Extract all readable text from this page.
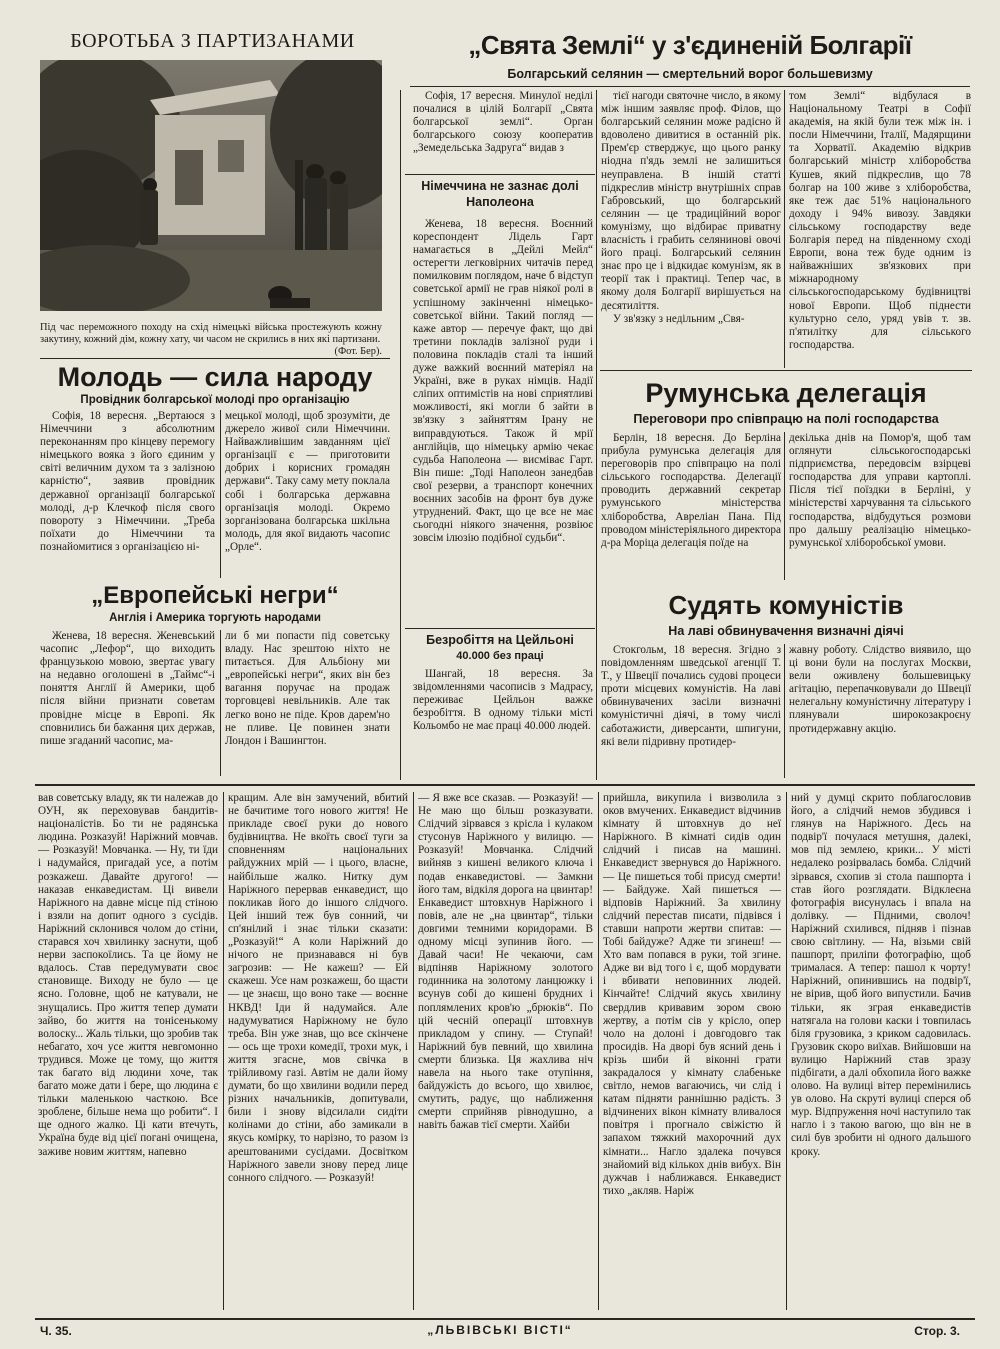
БОРОТЬБА З ПАРТИЗАНАМИ
Під час переможного походу на схід німецькі війська простежують кожну закутину, кожний дім, кожну хату, чи часом не скрились в них які партизани.
(Фот. Бер).
Молодь — сила народу
Провідник болгарської молоді про організацію

Софія, 18 вересня. „Вертаюся з Німеччини з абсолютним переконанням про кінцеву перемогу німецького вояка з його єдиним у світі величним духом та з залізною карністю“, заявив провідник державної організації болгарської молоді, д-р Клечкоф після свого повороту з Німеччини. „Треба поїхати до Німеччини та познайомитися з організацією ні-

мецької молоді, щоб зрозуміти, де джерело живої сили Німеччини. Найважливішим завданням цієї організації є — приготовити добрих і корисних громадян держави“. Таку саму мету поклала собі і болгарська державна організація молоді. Окремо зорганізована болгарська шкільна молодь, для якої видають часопис „Орле“.

„Европейські негри“
Англія і Америка торгують народами

Женева, 18 вересня. Женевський часопис „Лефор“, що виходить французькою мовою, звертає увагу на недавно оголошені в „Таймс“-і поняття Англії й Америки, щоб після війни признати советам провідне місце в Европі. Як сповнились би бажання цих держав, пише згаданий часопис, ма-

ли б ми попасти під советську владу. Нас зрештою ніхто не питається. Для Альбіону ми „европейські негри“, яких він без вагання поручає на продаж торговцеві невільників. Але так легко воно не піде. Кров дарем'но не пливе. Це повинен знати Лондон і Вашингтон.

„Свята Землі“ у з'єдиненій Болгарії
Болгарський селянин — смертельний ворог большевизму

Софія, 17 вересня. Минулої неділі почалися в цілій Болгарії „Свята болгарської землі“. Орган болгарського союзу кооператив „Земедельська Задруга“ видав з

тієї нагоди святочне число, в якому між іншим заявляє проф. Філов, що болгарський селянин може радісно й вдоволено дивитися в останній рік. Прем'єр стверджує, що цього ранку ніодна п'ядь землі не залишиться неуправлена. В іншій статті підкреслив міністр внутрішніх справ Габровський, що болгарський селянин — це традиційний ворог комунізму, що відбирає приватну власність і грабить селянинові овочі його праці. Болгарський селянин знає про це і відкидає комунізм, як в теорії так і практиці. Тепер час, в якому доля Болгарії вирішується на десятиліття.

У зв'язку з недільним „Свя-

том Землі“ відбулася в Національному Театрі в Софії академія, на якій були теж між ін. і посли Німеччини, Італії, Мадярщини та Хорватії. Академію відкрив болгарський міністр хліборобства Кушев, який підкреслив, що 78 болгар на 100 живе з хліборобства, яке теж дає 51% національного доходу і 94% вивозу. Завдяки сільському господарству веде Болгарія перед на південному сході Европи, вона теж буде одним із найважніших зв'язкових при міжнародному сільськогосподарському будівництві нової Европи. Щоб піднести культурно село, уряд увів т. зв. п'ятилітку для сільського господарства.

Німеччина не зазнає долі Наполеона

Женева, 18 вересня. Воєнний кореспондент Лідель Гарт намагається в „Дейлі Мейл“ остерегти легковірних читачів перед помилковим поглядом, наче б відступ советської армії не грав ніякої ролі в успішному закінченні німецько-советської війни. Такий погляд — каже автор — перечуе факт, що дві третини покладів залізної руди і половина покладів сталі та інший дуже важкий воєнний матеріял на Україні, вже в руках німців. Надії сліпих оптимістів на нові сприятливі можливості, які могли б зайти в зв'язку з зайняттям Ірану не виправдуються. Також й мрії англійців, що німецьку армію чекає судьба Наполеона — висміває Гарт. Він пише: „Тоді Наполеон занедбав свої резерви, а транспорт конечних воєнних засобів на фронт був дуже утруднений. Факт, що це все не має сьогодні ніякого значення, розвіює зовсім ілюзію подібної судьби“.

Безробіття на Цейльоні
40.000 без праці

Шангай, 18 вересня. За звідомленнями часописів з Мадрасу, переживає Цейльон важке безробіття. В одному тільки місті Кольомбо не має праці 40.000 людей.

Румунська делегація
Переговори про співпрацю на полі господарства

Берлін, 18 вересня. До Берліна прибула румунська делегація для переговорів про співпрацю на полі сільського господарства. Делегації проводить державний секретар румунського міністерства хліборобства, Авреліан Пана. Під проводом міністеріяльного директора д-ра Моріца делегація поїде на

декілька днів на Помор'я, щоб там оглянути сільськогосподарські підприємства, передовсім взірцеві господарства для управи картоплі. Після тієї поїздки в Берліні, у міністерстві харчування та сільського господарства, відбудуться розмови про дальшу реалізацію німецько-румунської хліборобської умови.

Судять комуністів
На лаві обвинувачення визначні діячі

Стокгольм, 18 вересня. Згідно з повідомленням шведської агенції Т. Т., у Швеції почались судові процеси проти місцевих комуністів. На лаві обвинувачених засіли визначні комуністичні діячі, в тому числі саботажисти, диверсанти, шпигуни, які вели підривну протидер-

жавну роботу. Слідство виявило, що ці вони були на послугах Москви, вели оживлену большевицьку агітацію, перепачковували до Швеції нелегальну комуністичну літературу і плянували широкозакроєну протидержавну акцію.

вав советську владу, як ти належав до ОУН, як переховував бандитів-націоналістів. Бо ти не радянська людина. Розказуй! Наріжний мовчав. — Розказуй! Мовчанка. — Ну, ти їди і надумайся, пригадай усе, а потім розкажеш. Давайте другого! — наказав енкаведистам. Ці вивели Наріжного на давне місце під стіною і взяли на допит одного з сусідів. Наріжний склонився чолом до стіни, старався хоч хвилинку заснути, щоб нерви заспокоїлись. Та це йому не вдалось. Став передумувати своє становище. Виходу не було — це ясно. Головне, щоб не катували, не знущались. Про життя тепер думати зайво, бо життя на тонісенькому волоску... Жаль тільки, що зробив так небагато, хоч усе життя невгомонно трудився. Може це тому, що життя так багато від людини хоче, так багато може дати і бере, що людина є тільки маленькою часткою. Все зроблене, більше нема що робити“. І ще одного жалко. Ці кати втечуть, Україна буде від цієї погані очищена, заживе новим життям, напевно

кращим. Але він замучений, вбитий не бачитиме того нового життя! Не прикладе своєї руки до нового будівництва. Не вкоїть своєї туги за сповненням національних райдужних мрій — і цього, власне, найбільше жалко. Нитку дум Наріжного перервав енкаведист, що покликав його до іншого слідчого. Цей інший теж був сонний, чи сп'янілий і знає тільки сказати: „Розказуй!“ А коли Наріжний до нічого не признавався ні був загрозив: — Не кажеш? — Ей скажеш. Усе нам розкажеш, бо щасти — це знаєш, що воно таке — воєнне НКВД! Іди й надумайся. Але надумуватися Наріжному не було треба. Він уже знав, що все скінчене — ось ще трохи комедії, трохи мук, і життя згасне, мов свічка в трійливому газі. Автім не дали йому думати, бо що хвилини водили перед різних начальників, допитували, били і знову відсилали сидіти колінами до стіни, або замикали в якусь комірку, то нарізно, то разом із арештованими сусідами. Досвітком Наріжного завели знову перед лице сонного слідчого. — Розказуй!

— Я вже все сказав. — Розказуй! — Не маю що більш розказувати. Слідчий зірвався з крісла і кулаком стусонув Наріжного у вилицю. — Розказуй! Мовчанка. Слідчий вийняв з кишені великого ключа і подав енкаведистові. — Замкни його там, відкіля дорога на цвинтар! Енкаведист штовхнув Наріжного і повів, але не „на цвинтар“, тільки довгими темними коридорами. В одному місці зупинив його. — Давай часи! Не чекаючи, сам відпіняв Наріжному золотого годинника на золотому ланцюжку і всунув собі до кишені брудних і поплямлених кров'ю „брюків“. По цій чесній операції штовхнув прикладом у спину. — Ступай! Наріжний був певний, що хвилина смерти близька. Ця жахлива ніч навела на нього таке отупіння, байдужість до всього, що хвилює, смутить, радує, що наближення смерти сприйняв рівнодушно, а навіть бажав тієї смерти. Хайби

прийшла, викупила і визволила з оков вмучених. Енкаведист відчинив кімнату й штовхнув до неї Наріжного. В кімнаті сидів один слідчий і писав на машині. Енкаведист звернувся до Наріжного. — Це пишеться тобі присуд смерти! — Байдуже. Хай пишеться — відповів Наріжний. За хвилину слідчий перестав писати, підвівся і ставши напроти жертви спитав: — Тобі байдуже? Адже ти згинеш! — Хто вам попався в руки, той згине. Адже ви від того і є, щоб мордувати і вбивати неповинних людей. Кінчайте! Слідчий якусь хвилину свердлив кривавим зором свою жертву, а потім сів у крісло, опер чоло на долоні і довгодовго так просидів. На дворі був ясний день і крізь шиби й віконні грати закрадалося у кімнату слабеньке світло, немов вагаючись, чи слід і катам підняти раннішню радість. З відчинених вікон кімнату вливалося повітря і прогнало свіжістю й запахом тяжкий махорочний дух кімнати... Нагло здалека почувся знайомий від кількох днів вибух. Він дужчав і наближався. Енкаведист тихо „акляв. Наріж

ний у думці скрито поблагословив його, а слідчий немов збудився і глянув на Наріжного. Десь на подвір'ї почулася метушня, далекі, мов під землею, крики... У місті недалеко розірвалась бомба. Слідчий зірвався, схопив зі стола пашпорта і став його розглядати. Відклеєна фотографія висунулась і впала на долівку. — Підними, сволоч! Наріжний схилився, підняв і пізнав свою світлину. — На, візьми свій пашпорт, приліпи фотографію, щоб трималася. А тепер: пашол к чорту! Наріжний, опинившись на подвір'ї, не вірив, щоб його випустили. Бачив тільки, як зграя енкаведистів натягала на голови каски і товпилась біля грузовика, з криком садовилась. Грузовик скоро виїхав. Вийшовши на вулицю Наріжний став зразу підбігати, а далі обхопила його важке олово. На вулиці вітер перемінились ув олово. На скруті вулиці сперся об мур. Відпруження ночі наступило так нагло і з такою вагою, що він не в силі був зробити ні одного дальшого кроку.

Ч. 35.	„ЛЬВІВСЬКІ ВІСТІ“	Стор. 3.
